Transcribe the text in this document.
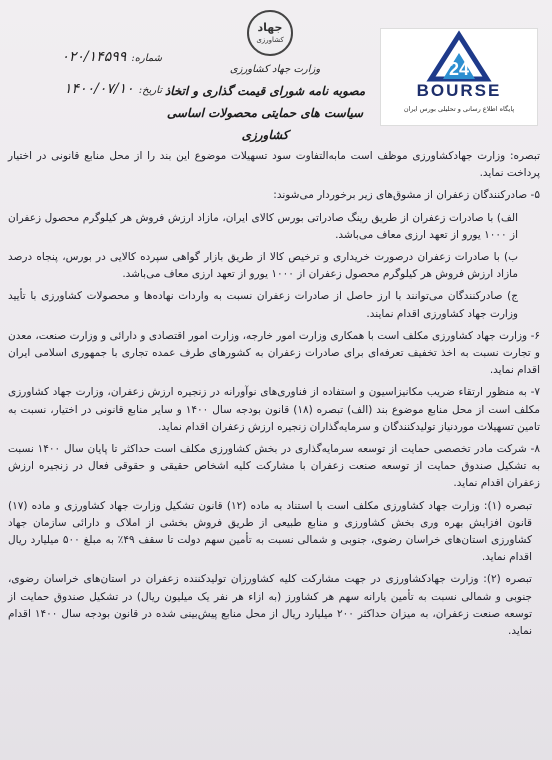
شماره: ۰۲۰/۱۴۵۹۹
تاریخ: ۱۴۰۰/۰۷/۱۰
جهاد
کشاورزی
وزارت جهاد کشاورزی
مصوبه نامه شورای قیمت گذاری و اتخاذ سیاست های حمایتی محصولات اساسی کشاورزی
24
BOURSE
پایگاه اطلاع رسانی و تحلیلی بورس ایران

تبصره: وزارت جهادکشاورزی موظف است مابه‌التفاوت سود تسهیلات موضوع این بند را از محل منابع قانونی در اختیار پرداخت نماید.

۵- صادرکنندگان زعفران از مشوق‌های زیر برخوردار می‌شوند:

الف) با صادرات زعفران از طریق رینگ صادراتی بورس کالای ایران، مازاد ارزش فروش هر کیلوگرم محصول زعفران از ۱۰۰۰ یورو از تعهد ارزی معاف می‌باشد.

ب) با صادرات زعفران درصورت خریداری و ترخیص کالا از طریق بازار گواهی سپرده کالایی در بورس، پنجاه درصد مازاد ارزش فروش هر کیلوگرم محصول زعفران از ۱۰۰۰ یورو از تعهد ارزی معاف می‌باشد.

ج) صادرکنندگان می‌توانند با ارز حاصل از صادرات زعفران نسبت به واردات نهاده‌ها و محصولات کشاورزی با تأیید وزارت جهاد کشاورزی اقدام نمایند.

۶- وزارت جهاد کشاورزی مکلف است با همکاری وزارت امور خارجه، وزارت امور اقتصادی و دارائی و وزارت صنعت، معدن و تجارت نسبت به اخذ تخفیف تعرفه‌ای برای صادرات زعفران به کشورهای طرف عمده تجاری با جمهوری اسلامی ایران اقدام نماید.

۷- به منظور ارتقاء ضریب مکانیزاسیون و استفاده از فناوری‌های نوآورانه در زنجیره ارزش زعفران، وزارت جهاد کشاورزی مکلف است از محل منابع موضوع بند (الف) تبصره (۱۸) قانون بودجه سال ۱۴۰۰ و سایر منابع قانونی در اختیار، نسبت به تامین تسهیلات موردنیاز تولیدکنندگان و سرمایه‌گذاران زنجیره ارزش زعفران اقدام نماید.

۸- شرکت مادر تخصصی حمایت از توسعه سرمایه‌گذاری در بخش کشاورزی مکلف است حداکثر تا پایان سال ۱۴۰۰ نسبت به تشکیل صندوق حمایت از توسعه صنعت زعفران با مشارکت کلیه اشخاص حقیقی و حقوقی فعال در زنجیره ارزش زعفران اقدام نماید.

تبصره (۱): وزارت جهاد کشاورزی مکلف است با استناد به ماده (۱۲) قانون تشکیل وزارت جهاد کشاورزی و ماده (۱۷) قانون افزایش بهره وری بخش کشاورزی و منابع طبیعی از طریق فروش بخشی از املاک و دارائی سازمان جهاد کشاورزی استان‌های خراسان رضوی، جنوبی و شمالی نسبت به تأمین سهم دولت تا سقف ۴۹٪ به مبلغ ۵۰۰ میلیارد ریال اقدام نماید.

تبصره (۲): وزارت جهادکشاورزی در جهت مشارکت کلیه کشاورزان تولیدکننده زعفران در استان‌های خراسان رضوی، جنوبی و شمالی نسبت به تأمین یارانه سهم هر کشاورز (به ازاء هر نفر یک میلیون ریال) در تشکیل صندوق حمایت از توسعه صنعت زعفران، به میزان حداکثر ۲۰۰ میلیارد ریال از محل منابع پیش‌بینی شده در قانون بودجه سال ۱۴۰۰ اقدام نماید.
